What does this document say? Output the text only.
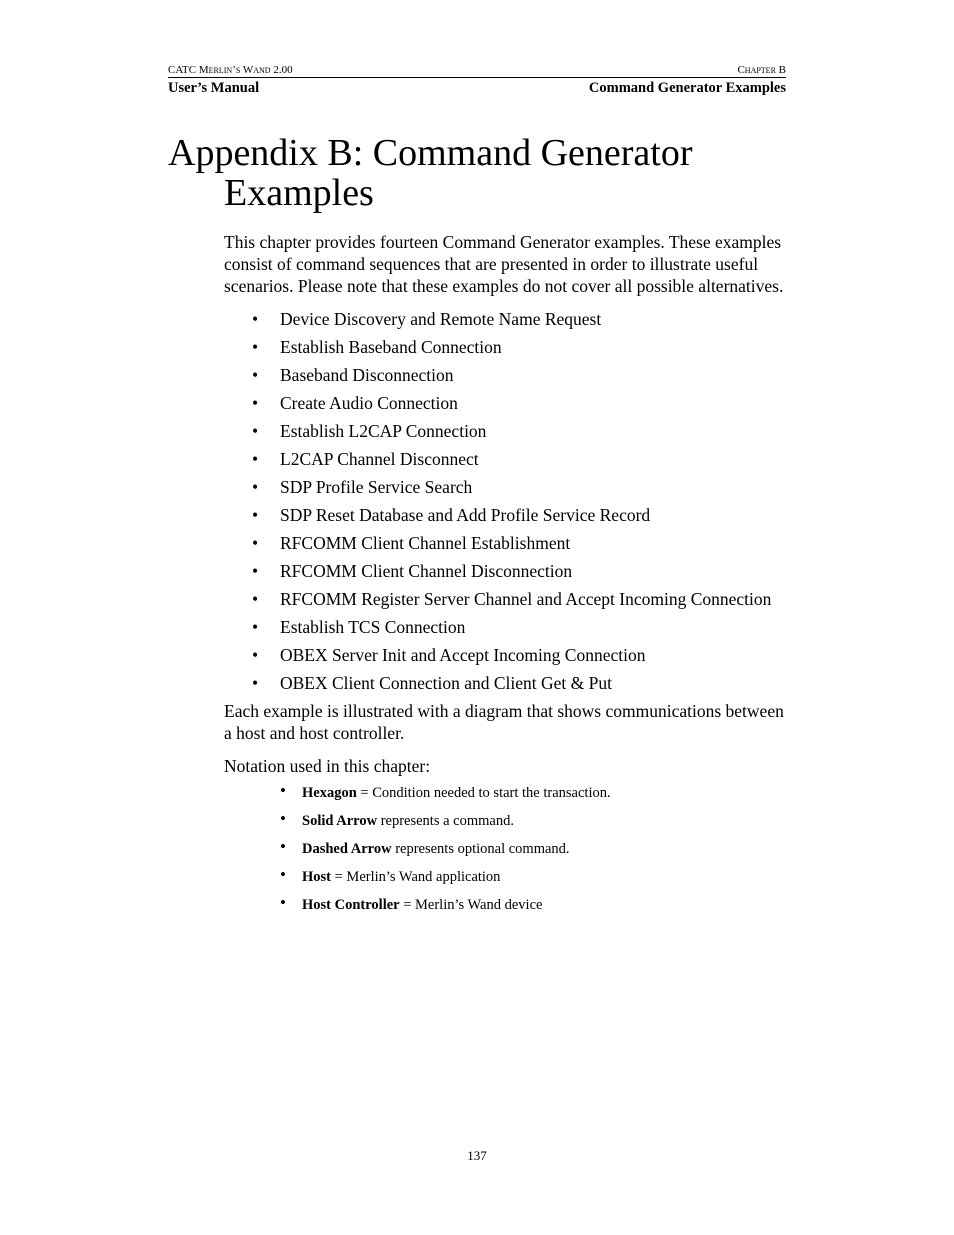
CATC Merlin’s Wand 2.00	Chapter B
User’s Manual	Command Generator Examples
Appendix B: Command Generator
Examples

This chapter provides fourteen Command Generator examples. These examples consist of command sequences that are presented in order to illustrate useful scenarios. Please note that these examples do not cover all possible alternatives.

• Device Discovery and Remote Name Request
• Establish Baseband Connection
• Baseband Disconnection
• Create Audio Connection
• Establish L2CAP Connection
• L2CAP Channel Disconnect
• SDP Profile Service Search
• SDP Reset Database and Add Profile Service Record
• RFCOMM Client Channel Establishment
• RFCOMM Client Channel Disconnection
• RFCOMM Register Server Channel and Accept Incoming Connection
• Establish TCS Connection
• OBEX Server Init and Accept Incoming Connection
• OBEX Client Connection and Client Get & Put

Each example is illustrated with a diagram that shows communications between a host and host controller.

Notation used in this chapter:

• Hexagon = Condition needed to start the transaction.
• Solid Arrow represents a command.
• Dashed Arrow represents optional command.
• Host = Merlin’s Wand application
• Host Controller = Merlin’s Wand device
137
